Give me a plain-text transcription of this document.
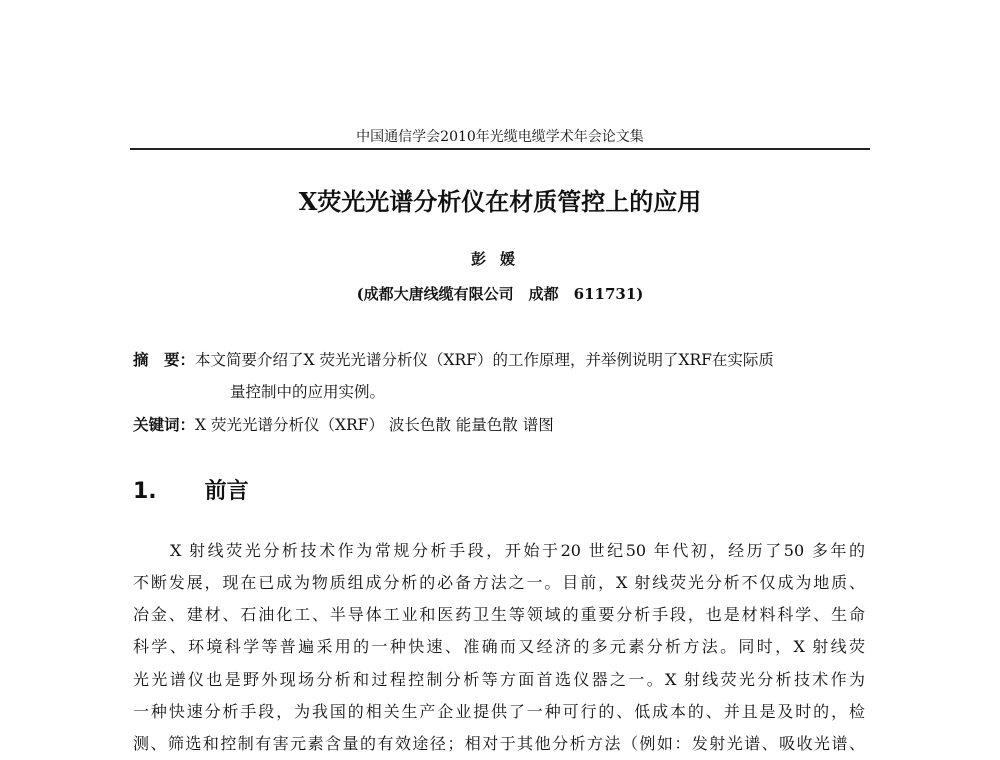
中国通信学会2010年光缆电缆学术年会论文集
X荧光光谱分析仪在材质管控上的应用
彭媛
(成都大唐线缆有限公司　成都　611731)
摘　要：本文简要介绍了X 荧光光谱分析仪（XRF）的工作原理，并举例说明了XRF在实际质
量控制中的应用实例。
关键词：X 荧光光谱分析仪（XRF） 波长色散 能量色散 谱图
1. 前言
X 射线荧光分析技术作为常规分析手段，开始于20 世纪50 年代初，经历了50 多年的
不断发展，现在已成为物质组成分析的必备方法之一。目前，X 射线荧光分析不仅成为地质、
冶金、建材、石油化工、半导体工业和医药卫生等领域的重要分析手段，也是材料科学、生命
科学、环境科学等普遍采用的一种快速、准确而又经济的多元素分析方法。同时，X 射线荧
光光谱仪也是野外现场分析和过程控制分析等方面首选仪器之一。X 射线荧光分析技术作为
一种快速分析手段，为我国的相关生产企业提供了一种可行的、低成本的、并且是及时的，检
测、筛选和控制有害元素含量的有效途径；相对于其他分析方法（例如：发射光谱、吸收光谱、
